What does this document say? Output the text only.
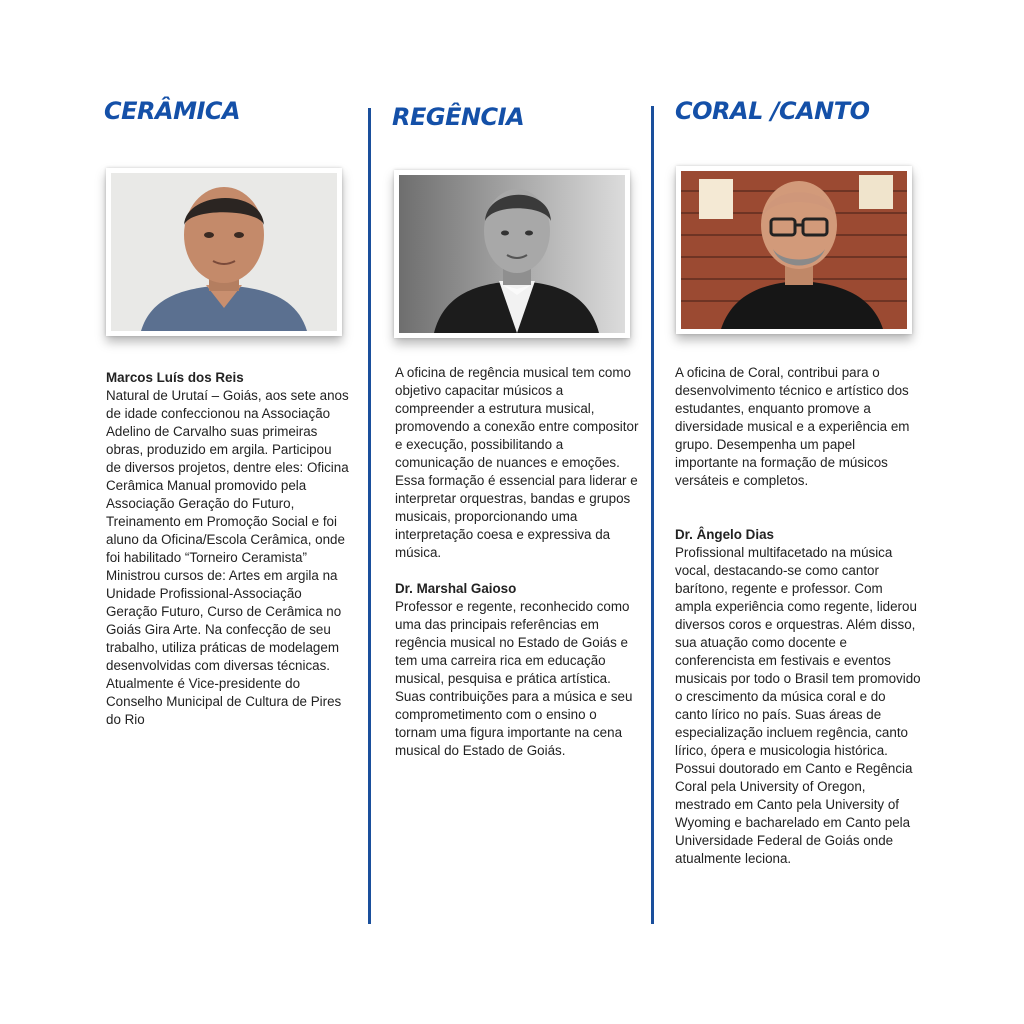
CERÂMICA
Marcos Luís dos Reis
Natural de Urutaí – Goiás, aos sete anos de idade confeccionou na Associação Adelino de Carvalho suas primeiras obras, produzido em argila. Participou de diversos projetos, dentre eles: Oficina Cerâmica Manual promovido pela Associação Geração do Futuro, Treinamento em Promoção Social e foi aluno da Oficina/Escola Cerâmica, onde foi habilitado “Torneiro Ceramista” Ministrou cursos de: Artes em argila na Unidade Profissional-Associação Geração Futuro, Curso de Cerâmica no Goiás Gira Arte. Na confecção de seu trabalho, utiliza práticas de modelagem desenvolvidas com diversas técnicas. Atualmente é Vice-presidente do Conselho Municipal de Cultura de Pires do Rio
REGÊNCIA
A oficina de regência musical tem como objetivo capacitar músicos a compreender a estrutura musical, promovendo a conexão entre compositor e execução, possibilitando a comunicação de nuances e emoções. Essa formação é essencial para liderar e interpretar orquestras, bandas e grupos musicais, proporcionando uma interpretação coesa e expressiva da música.
Dr. Marshal Gaioso
Professor e regente, reconhecido como uma das principais referências em regência musical no Estado de Goiás e tem uma carreira rica em educação musical, pesquisa e prática artística. Suas contribuições para a música e seu comprometimento com o ensino o tornam uma figura importante na cena musical do Estado de Goiás.
CORAL /CANTO
A oficina de Coral, contribui para o desenvolvimento técnico e artístico dos estudantes, enquanto promove a diversidade musical e a experiência em grupo. Desempenha um papel importante na formação de músicos versáteis e completos.
Dr. Ângelo Dias
Profissional multifacetado na música vocal, destacando-se como cantor barítono, regente e professor. Com ampla experiência como regente, liderou diversos coros e orquestras. Além disso, sua atuação como docente e conferencista em festivais e eventos musicais por todo o Brasil tem promovido o crescimento da música coral e do canto lírico no país. Suas áreas de especialização incluem regência, canto lírico, ópera e musicologia histórica. Possui doutorado em Canto e Regência Coral pela University of Oregon, mestrado em Canto pela University of Wyoming e bacharelado em Canto pela Universidade Federal de Goiás onde atualmente leciona.
